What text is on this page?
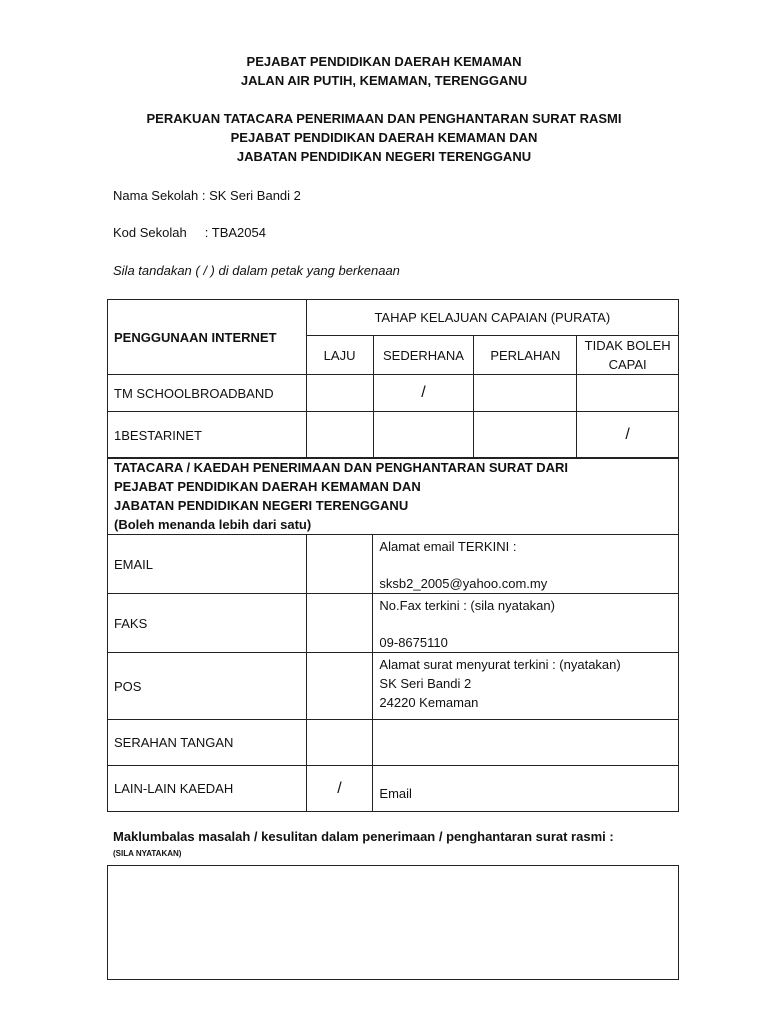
PEJABAT PENDIDIKAN DAERAH KEMAMAN
JALAN AIR PUTIH, KEMAMAN, TERENGGANU
PERAKUAN TATACARA PENERIMAAN DAN PENGHANTARAN SURAT RASMI
PEJABAT PENDIDIKAN DAERAH KEMAMAN DAN
JABATAN PENDIDIKAN NEGERI TERENGGANU
Nama Sekolah : SK Seri Bandi 2
Kod Sekolah     : TBA2054
Sila tandakan ( / ) di dalam petak yang berkenaan
PENGGUNAAN INTERNET	TAHAP KELAJUAN CAPAIAN (PURATA)			
	LAJU	SEDERHANA	PERLAHAN	TIDAK BOLEH CAPAI
TM SCHOOLBROADBAND		/		
1BESTARINET				/
TATACARA / KAEDAH PENERIMAAN DAN PENGHANTARAN SURAT DARI
PEJABAT PENDIDIKAN DAERAH KEMAMAN DAN
JABATAN PENDIDIKAN NEGERI TERENGGANU
(Boleh menanda lebih dari satu)		

EMAIL		Alamat email TERKINI :
sksb2_2005@yahoo.com.my

FAKS		No.Fax terkini : (sila nyatakan)
09-8675110

POS		Alamat surat menyurat terkini : (nyatakan)
SK Seri Bandi 2
24220 Kemaman

SERAHAN TANGAN		
LAIN-LAIN KAEDAH	/	Email
Maklumbalas masalah / kesulitan dalam penerimaan / penghantaran surat rasmi :
(SILA NYATAKAN)
